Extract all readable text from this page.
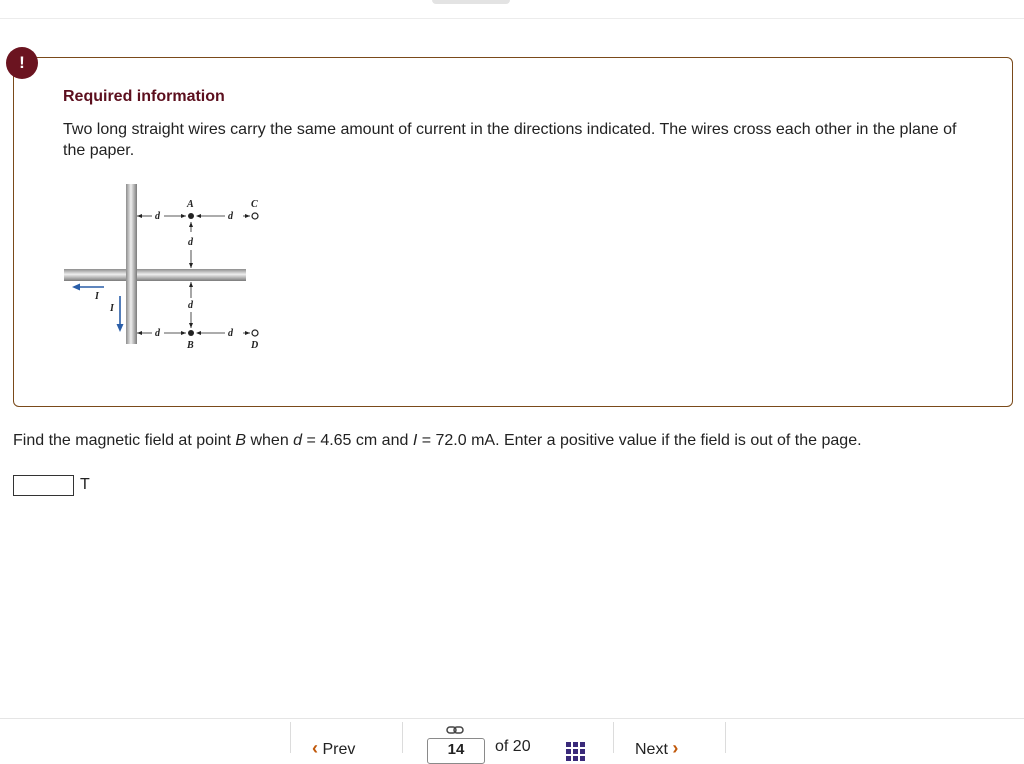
!
Required information
Two long straight wires carry the same amount of current in the directions indicated. The wires cross each other in the plane of the paper.
I
I
A	C
B	D
d	d
d
d
d	d
Find the magnetic field at point B when d = 4.65 cm and I = 72.0 mA. Enter a positive value if the field is out of the page.
T
‹ Prev	14	of 20	Next ›
